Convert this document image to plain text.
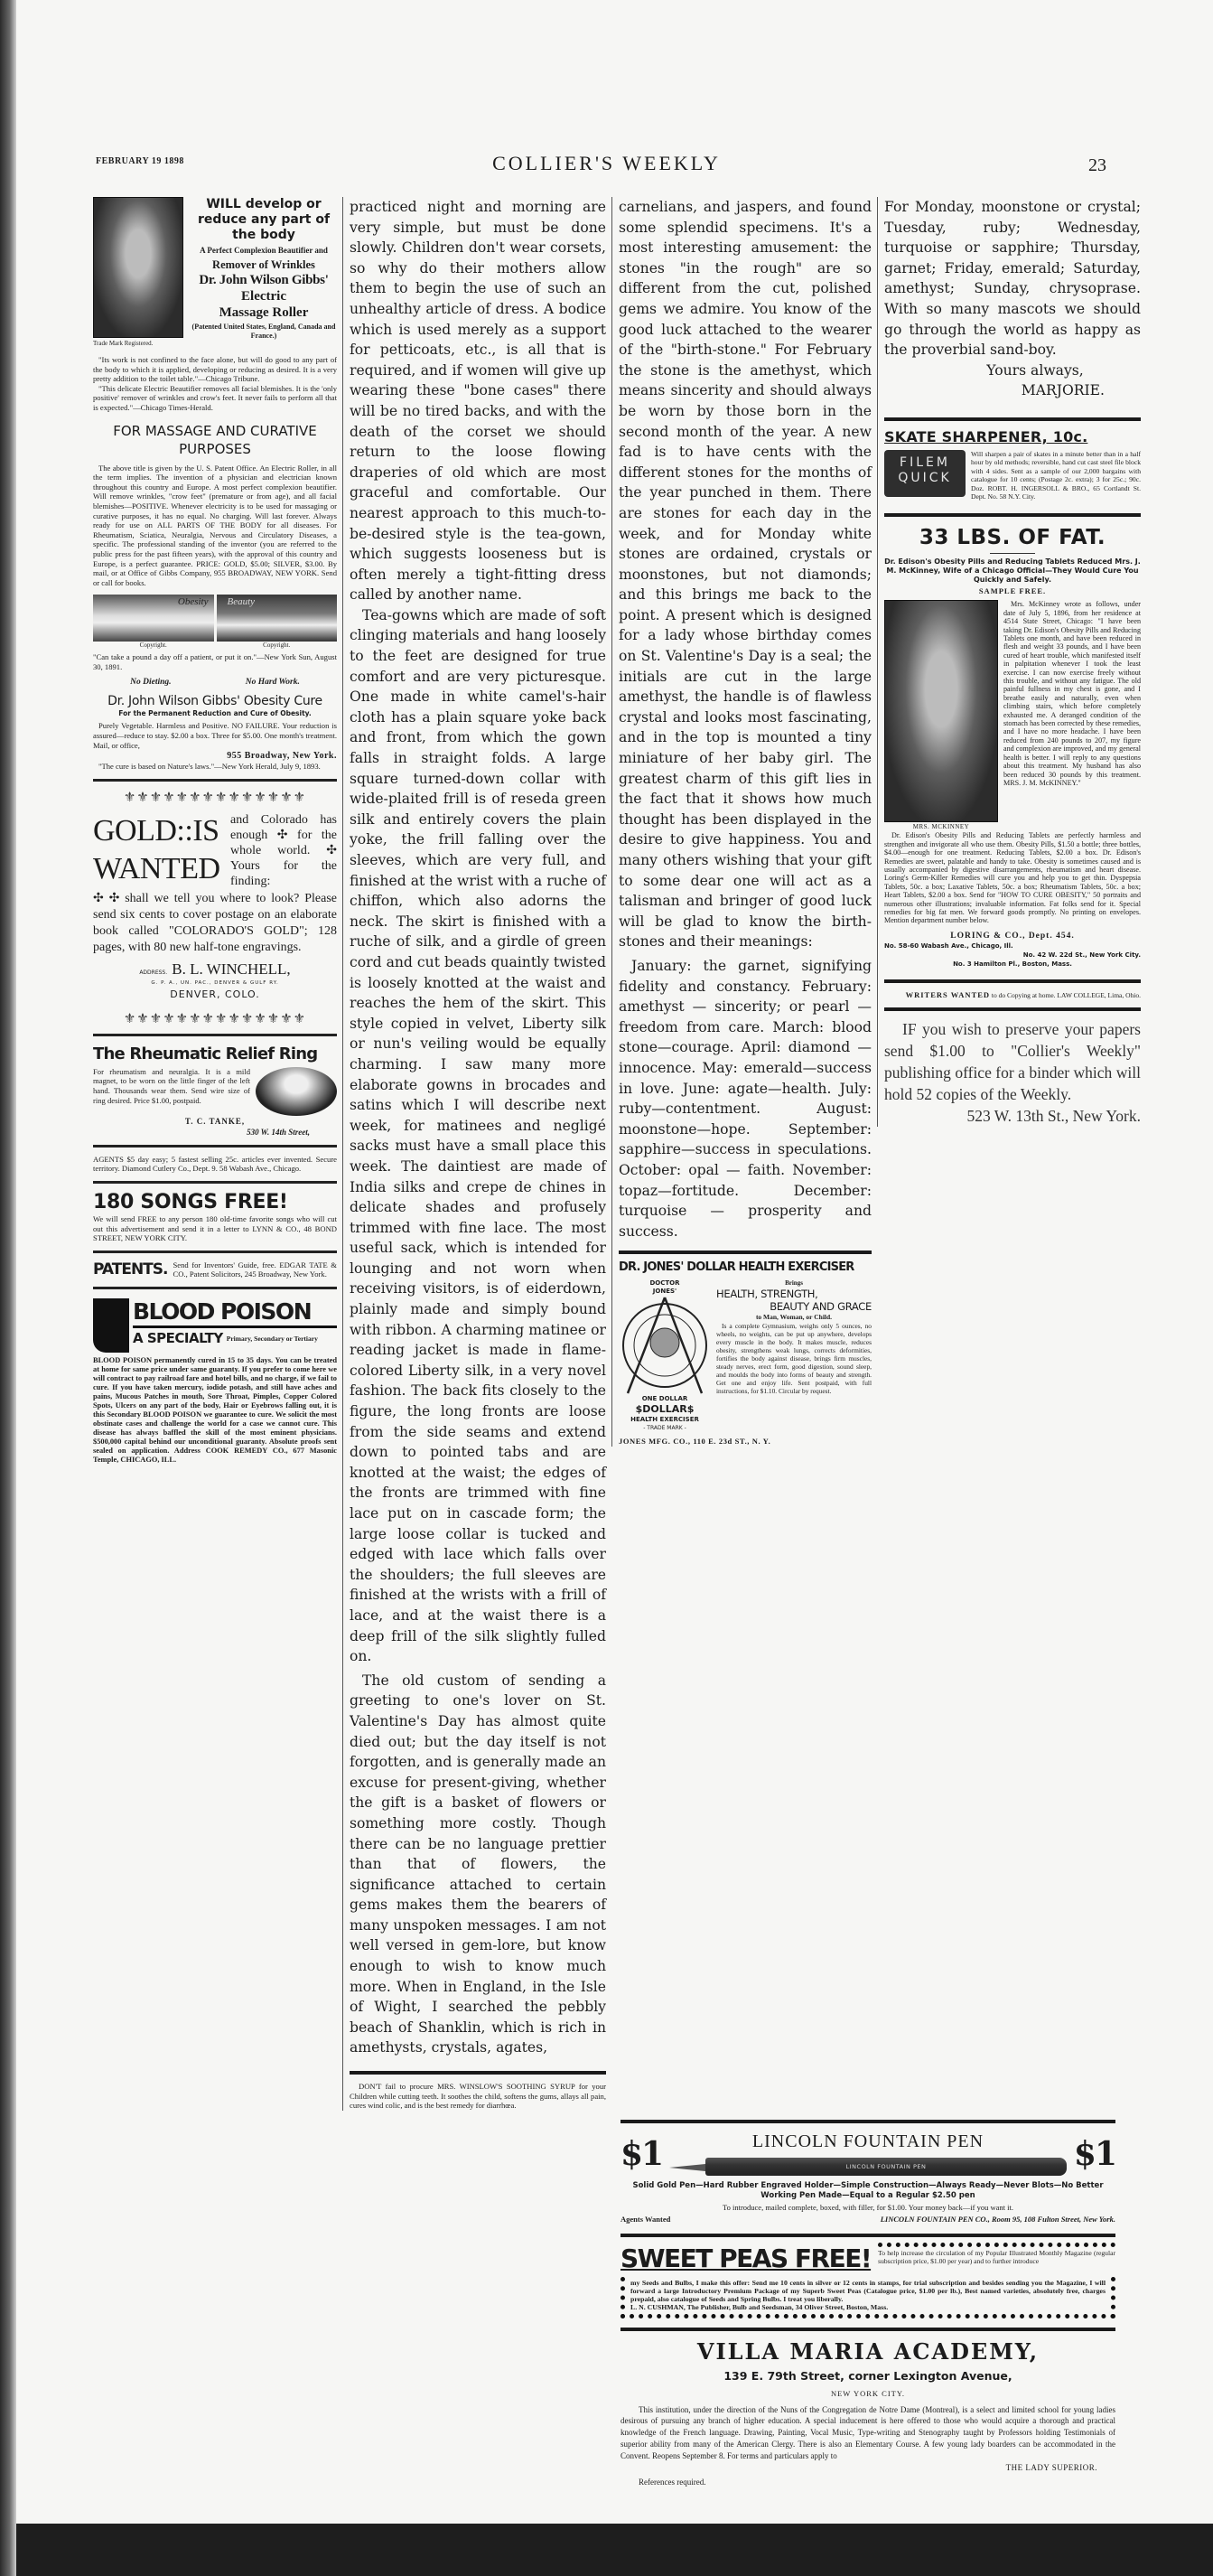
FEBRUARY 19 1898	COLLIER'S WEEKLY	23
Trade Mark Registered.
WILL develop or reduce any part of the body
A Perfect Complexion Beautifier and
Remover of Wrinkles
Dr. John Wilson Gibbs'
Electric
Massage Roller
(Patented United States, England, Canada and France.)

"Its work is not confined to the face alone, but will do good to any part of the body to which it is applied, developing or reducing as desired. It is a very pretty addition to the toilet table."—Chicago Tribune.

"This delicate Electric Beautifier removes all facial blemishes. It is the 'only positive' remover of wrinkles and crow's feet. It never fails to perform all that is expected."—Chicago Times-Herald.

FOR MASSAGE AND CURATIVE PURPOSES

The above title is given by the U. S. Patent Office. An Electric Roller, in all the term implies. The invention of a physician and electrician known throughout this country and Europe. A most perfect complexion beautifier. Will remove wrinkles, "crow feet" (premature or from age), and all facial blemishes—POSITIVE. Whenever electricity is to be used for massaging or curative purposes, it has no equal. No charging. Will last forever. Always ready for use on ALL PARTS OF THE BODY for all diseases. For Rheumatism, Sciatica, Neuralgia, Nervous and Circulatory Diseases, a specific. The professional standing of the inventor (you are referred to the public press for the past fifteen years), with the approval of this country and Europe, is a perfect guarantee. PRICE: GOLD, $5.00; SILVER, $3.00. By mail, or at Office of Gibbs Company, 955 BROADWAY, NEW YORK. Send or call for books.

Obesity
Copyright.
Beauty
Copyright.

"Can take a pound a day off a patient, or put it on."—New York Sun, August 30, 1891.

No Dieting.	No Hard Work.
Dr. John Wilson Gibbs' Obesity Cure
For the Permanent Reduction and Cure of Obesity.

Purely Vegetable. Harmless and Positive. NO FAILURE. Your reduction is assured—reduce to stay. $2.00 a box. Three for $5.00. One month's treatment. Mail, or office,

955 Broadway, New York.

"The cure is based on Nature's laws."—New York Herald, July 9, 1893.

⚜⚜⚜⚜⚜⚜⚜⚜⚜⚜⚜⚜⚜⚜
GOLD::IS
WANTED
and Colorado has enough ✣ for the whole world. ✣ Yours for the finding:
✣ ✣ shall we tell you where to look? Please send six cents to cover postage on an elaborate book called "COLORADO'S GOLD"; 128 pages, with 80 new half-tone engravings.
ADDRESS. B. L. WINCHELL,
G. P. A., UN. PAC., DENVER & GULF RY.
DENVER, COLO.
⚜⚜⚜⚜⚜⚜⚜⚜⚜⚜⚜⚜⚜⚜
The Rheumatic Relief Ring

For rheumatism and neuralgia. It is a mild magnet, to be worn on the little finger of the left hand. Thousands wear them. Send wire size of ring desired. Price $1.00, postpaid.

T. C. TANKE,
530 W. 14th Street,

AGENTS $5 day easy; 5 fastest selling 25c. articles ever invented. Secure territory. Diamond Cutlery Co., Dept. 9. 58 Wabash Ave., Chicago.

180 SONGS FREE!

We will send FREE to any person 180 old-time favorite songs who will cut out this advertisement and send it in a letter to LYNN & CO., 48 BOND STREET, NEW YORK CITY.

PATENTS. Send for Inventors' Guide, free. EDGAR TATE & CO., Patent Solicitors, 245 Broadway, New York.

BLOOD POISON
A SPECIALTY Primary, Secondary or Tertiary

BLOOD POISON permanently cured in 15 to 35 days. You can be treated at home for same price under same guaranty. If you prefer to come here we will contract to pay railroad fare and hotel bills, and no charge, if we fail to cure. If you have taken mercury, iodide potash, and still have aches and pains, Mucous Patches in mouth, Sore Throat, Pimples, Copper Colored Spots, Ulcers on any part of the body, Hair or Eyebrows falling out, it is this Secondary BLOOD POISON we guarantee to cure. We solicit the most obstinate cases and challenge the world for a case we cannot cure. This disease has always baffled the skill of the most eminent physicians. $500,000 capital behind our unconditional guaranty. Absolute proofs sent sealed on application. Address COOK REMEDY CO., 677 Masonic Temple, CHICAGO, ILL.

practiced night and morning are very simple, but must be done slowly. Children don't wear corsets, so why do their mothers allow them to begin the use of such an unhealthy article of dress. A bodice which is used merely as a support for petticoats, etc., is all that is required, and if women will give up wearing these "bone cases" there will be no tired backs, and with the death of the corset we should return to the loose flowing draperies of old which are most graceful and comfortable. Our nearest approach to this much-to-be-desired style is the tea-gown, which suggests looseness but is often merely a tight-fitting dress called by another name.

Tea-gowns which are made of soft clinging materials and hang loosely to the feet are designed for true comfort and are very picturesque. One made in white camel's-hair cloth has a plain square yoke back and front, from which the gown falls in straight folds. A large square turned-down collar with wide-plaited frill is of reseda green silk and entirely covers the plain yoke, the frill falling over the sleeves, which are very full, and finished at the wrist with a ruche of chiffon, which also adorns the neck. The skirt is finished with a ruche of silk, and a girdle of green cord and cut beads quaintly twisted is loosely knotted at the waist and reaches the hem of the skirt. This style copied in velvet, Liberty silk or nun's veiling would be equally charming. I saw many more elaborate gowns in brocades and satins which I will describe next week, for matinees and negligé sacks must have a small place this week. The daintiest are made of India silks and crepe de chines in delicate shades and profusely trimmed with fine lace. The most useful sack, which is intended for lounging and not worn when receiving visitors, is of eiderdown, plainly made and simply bound with ribbon. A charming matinee or reading jacket is made in flame-colored Liberty silk, in a very novel fashion. The back fits closely to the figure, the long fronts are loose from the side seams and extend down to pointed tabs and are knotted at the waist; the edges of the fronts are trimmed with fine lace put on in cascade form; the large loose collar is tucked and edged with lace which falls over the shoulders; the full sleeves are finished at the wrists with a frill of lace, and at the waist there is a deep frill of the silk slightly fulled on.

The old custom of sending a greeting to one's lover on St. Valentine's Day has almost quite died out; but the day itself is not forgotten, and is generally made an excuse for present-giving, whether the gift is a basket of flowers or something more costly. Though there can be no language prettier than that of flowers, the significance attached to certain gems makes them the bearers of many unspoken messages. I am not well versed in gem-lore, but know enough to wish to know much more. When in England, in the Isle of Wight, I searched the pebbly beach of Shanklin, which is rich in amethysts, crystals, agates,

DON'T fail to procure MRS. WINSLOW'S SOOTHING SYRUP for your Children while cutting teeth. It soothes the child, softens the gums, allays all pain, cures wind colic, and is the best remedy for diarrhœa.

carnelians, and jaspers, and found some splendid specimens. It's a most interesting amusement: the stones "in the rough" are so different from the cut, polished gems we admire. You know of the good luck attached to the wearer of the "birth-stone." For February the stone is the amethyst, which means sincerity and should always be worn by those born in the second month of the year. A new fad is to have cents with the different stones for the months of the year punched in them. There are stones for each day in the week, and for Monday white stones are ordained, crystals or moonstones, but not diamonds; and this brings me back to the point. A present which is designed for a lady whose birthday comes on St. Valentine's Day is a seal; the initials are cut in the large amethyst, the handle is of flawless crystal and looks most fascinating, and in the top is mounted a tiny miniature of her baby girl. The greatest charm of this gift lies in the fact that it shows how much thought has been displayed in the desire to give happiness. You and many others wishing that your gift to some dear one will act as a talisman and bringer of good luck will be glad to know the birth-stones and their meanings:

January: the garnet, signifying fidelity and constancy. February: amethyst — sincerity; or pearl — freedom from care. March: blood stone—courage. April: diamond —innocence. May: emerald—success in love. June: agate—health. July: ruby—contentment. August: moonstone—hope. September: sapphire—success in speculations. October: opal — faith. November: topaz—fortitude. December: turquoise — prosperity and success.

DR. JONES' DOLLAR HEALTH EXERCISER
DOCTOR
JONES'
ONE DOLLAR
$DOLLAR$
HEALTH EXERCISER
- TRADE MARK -
Brings
HEALTH, STRENGTH,
BEAUTY AND GRACE
to Man, Woman, or Child.

Is a complete Gymnasium, weighs only 5 ounces, no wheels, no weights, can be put up anywhere, develops every muscle in the body. It makes muscle, reduces obesity, strengthens weak lungs, corrects deformities, fortifies the body against disease, brings firm muscles, steady nerves, erect form, good digestion, sound sleep, and moulds the body into forms of beauty and strength. Get one and enjoy life. Sent postpaid, with full instructions, for $1.10. Circular by request.

JONES MFG. CO., 110 E. 23d ST., N. Y.

For Monday, moonstone or crystal; Tuesday, ruby; Wednesday, turquoise or sapphire; Thursday, garnet; Friday, emerald; Saturday, amethyst; Sunday, chrysoprase. With so many mascots we should go through the world as happy as the proverbial sand-boy.

Yours always,
MARJORIE.
SKATE SHARPENER, 10c.
FILEM
QUICK

Will sharpen a pair of skates in a minute better than in a half hour by old methods; reversible, hand cut cast steel file block with 4 sides. Sent as a sample of our 2,000 bargains with catalogue for 10 cents; (Postage 2c. extra); 3 for 25c.; 90c. Doz. ROBT. H. INGERSOLL & BRO., 65 Cortlandt St. Dept. No. 58 N.Y. City.

33 LBS. OF FAT.
Dr. Edison's Obesity Pills and Reducing Tablets Reduced Mrs. J. M. McKinney, Wife of a Chicago Official—They Would Cure You Quickly and Safely.
SAMPLE FREE.
MRS. MCKINNEY

Mrs. McKinney wrote as follows, under date of July 5, 1896, from her residence at 4514 State Street, Chicago: "I have been taking Dr. Edison's Obesity Pills and Reducing Tablets one month, and have been reduced in flesh and weight 33 pounds, and I have been cured of heart trouble, which manifested itself in palpitation whenever I took the least exercise. I can now exercise freely without this trouble, and without any fatigue. The old painful fullness in my chest is gone, and I breathe easily and naturally, even when climbing stairs, which before completely exhausted me. A deranged condition of the stomach has been corrected by these remedies, and I have no more headache. I have been reduced from 240 pounds to 207, my figure and complexion are improved, and my general health is better. I will reply to any questions about this treatment. My husband has also been reduced 30 pounds by this treatment. MRS. J. M. McKINNEY."

Dr. Edison's Obesity Pills and Reducing Tablets are perfectly harmless and strengthen and invigorate all who use them. Obesity Pills, $1.50 a bottle; three bottles, $4.00—enough for one treatment. Reducing Tablets, $2.00 a box. Dr. Edison's Remedies are sweet, palatable and handy to take. Obesity is sometimes caused and is usually accompanied by digestive disarrangements, rheumatism and heart disease. Loring's Germ-Killer Remedies will cure you and help you to get thin. Dyspepsia Tablets, 50c. a box; Laxative Tablets, 50c. a box; Rheumatism Tablets, 50c. a box; Heart Tablets, $2.00 a box. Send for "HOW TO CURE OBESITY," 50 portraits and numerous other illustrations; invaluable information. Fat folks send for it. Special remedies for big fat men. We forward goods promptly. No printing on envelopes. Mention department number below.

LORING & CO., Dept. 454.
No. 58-60 Wabash Ave., Chicago, Ill.
No. 42 W. 22d St., New York City.
No. 3 Hamilton Pl., Boston, Mass.
WRITERS WANTED to do Copying at home. LAW COLLEGE, Lima, Ohio.
IF you wish to preserve your papers send $1.00 to "Collier's Weekly" publishing office for a binder which will hold 52 copies of the Weekly.
523 W. 13th St., New York.
$1	LINCOLN FOUNTAIN PEN
LINCOLN FOUNTAIN PEN	$1
Solid Gold Pen—Hard Rubber Engraved Holder—Simple Construction—Always Ready—Never Blots—No Better Working Pen Made—Equal to a Regular $2.50 pen
To introduce, mailed complete, boxed, with filler, for $1.00. Your money back—if you want it.
Agents Wanted	LINCOLN FOUNTAIN PEN CO., Room 95, 108 Fulton Street, New York.
SWEET PEAS FREE! To help increase the circulation of my Popular Illustrated Monthly Magazine (regular subscription price, $1.00 per year) and to further introduce

my Seeds and Bulbs, I make this offer: Send me 10 cents in silver or 12 cents in stamps, for trial subscription and besides sending you the Magazine, I will forward a large Introductory Premium Package of my Superb Sweet Peas (Catalogue price, $1.00 per lb.), Best named varieties, absolutely free, charges prepaid, also catalogue of Seeds and Spring Bulbs. I treat you liberally.

L. N. CUSHMAN, The Publisher, Bulb and Seedsman, 34 Oliver Street, Boston, Mass.

VILLA MARIA ACADEMY,
139 E. 79th Street, corner Lexington Avenue,
NEW YORK CITY.

This institution, under the direction of the Nuns of the Congregation de Notre Dame (Montreal), is a select and limited school for young ladies desirous of pursuing any branch of higher education. A special inducement is here offered to those who would acquire a thorough and practical knowledge of the French language. Drawing, Painting, Vocal Music, Type-writing and Stenography taught by Professors holding Testimonials of superior ability from many of the American Clergy. There is also an Elementary Course. A few young lady boarders can be accommodated in the Convent. Reopens September 8. For terms and particulars apply to

THE LADY SUPERIOR.
References required.
